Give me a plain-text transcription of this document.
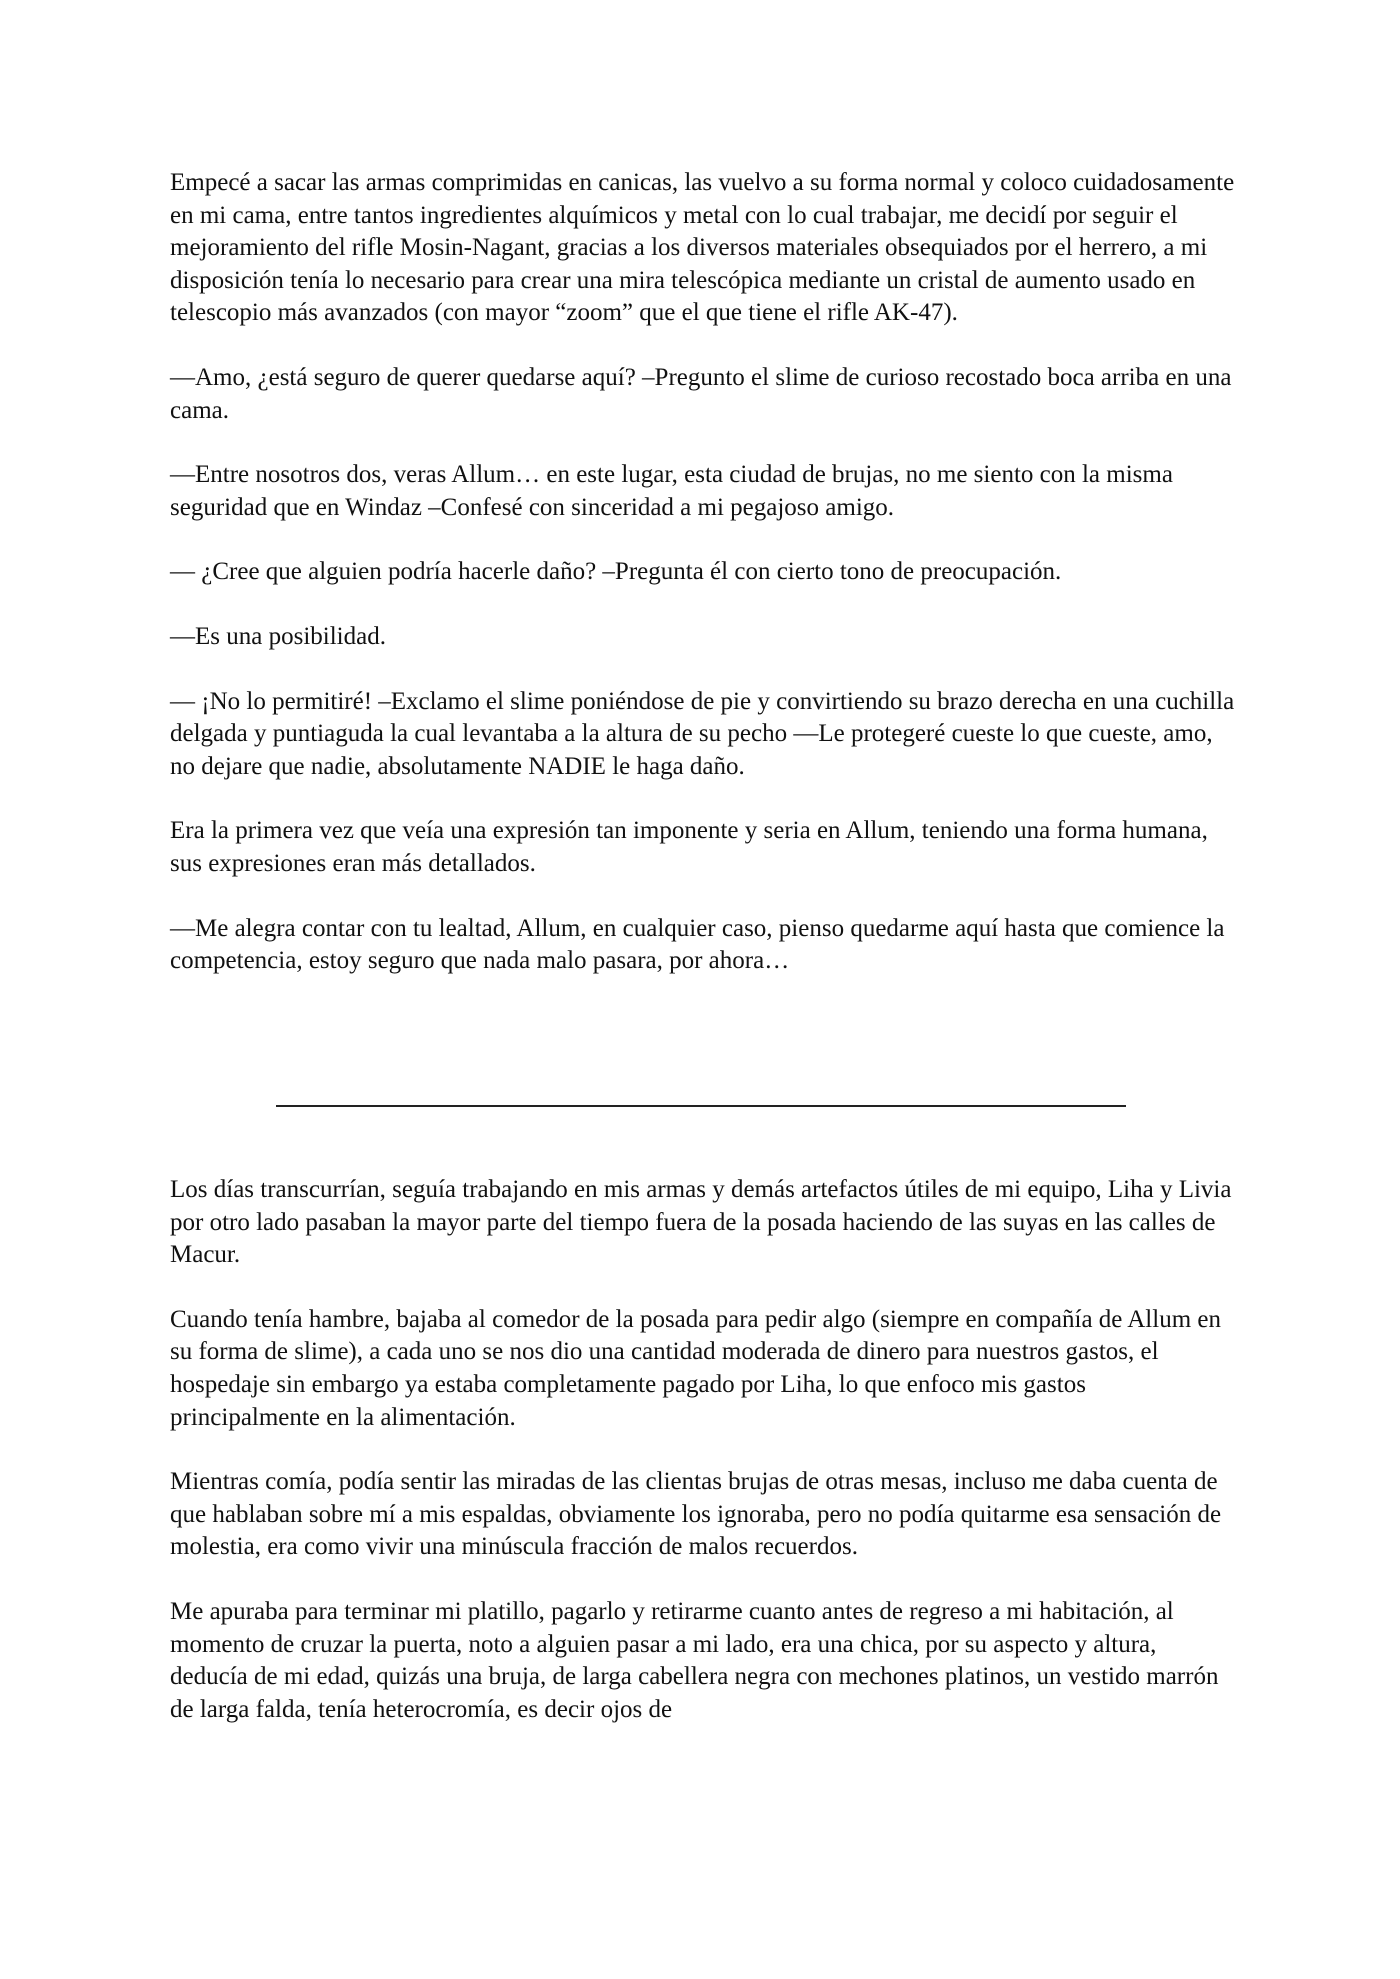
Empecé a sacar las armas comprimidas en canicas, las vuelvo a su forma normal y coloco cuidadosamente en mi cama, entre tantos ingredientes alquímicos y metal con lo cual trabajar, me decidí por seguir el mejoramiento del rifle Mosin-Nagant, gracias a los diversos materiales obsequiados por el herrero, a mi disposición tenía lo necesario para crear una mira telescópica mediante un cristal de aumento usado en telescopio más avanzados (con mayor “zoom” que el que tiene el rifle AK-47).

—Amo, ¿está seguro de querer quedarse aquí? –Pregunto el slime de curioso recostado boca arriba en una cama.

—Entre nosotros dos, veras Allum… en este lugar, esta ciudad de brujas, no me siento con la misma seguridad que en Windaz –Confesé con sinceridad a mi pegajoso amigo.

— ¿Cree que alguien podría hacerle daño? –Pregunta él con cierto tono de preocupación.

—Es una posibilidad.

— ¡No lo permitiré! –Exclamo el slime poniéndose de pie y convirtiendo su brazo derecha en una cuchilla delgada y puntiaguda la cual levantaba a la altura de su pecho —Le protegeré cueste lo que cueste, amo, no dejare que nadie, absolutamente NADIE le haga daño.

Era la primera vez que veía una expresión tan imponente y seria en Allum, teniendo una forma humana, sus expresiones eran más detallados.

—Me alegra contar con tu lealtad, Allum, en cualquier caso, pienso quedarme aquí hasta que comience la competencia, estoy seguro que nada malo pasara, por ahora…

Los días transcurrían, seguía trabajando en mis armas y demás artefactos útiles de mi equipo, Liha y Livia por otro lado pasaban la mayor parte del tiempo fuera de la posada haciendo de las suyas en las calles de Macur.

Cuando tenía hambre, bajaba al comedor de la posada para pedir algo (siempre en compañía de Allum en su forma de slime), a cada uno se nos dio una cantidad moderada de dinero para nuestros gastos, el hospedaje sin embargo ya estaba completamente pagado por Liha, lo que enfoco mis gastos principalmente en la alimentación.

Mientras comía, podía sentir las miradas de las clientas brujas de otras mesas, incluso me daba cuenta de que hablaban sobre mí a mis espaldas, obviamente los ignoraba, pero no podía quitarme esa sensación de molestia, era como vivir una minúscula fracción de malos recuerdos.

Me apuraba para terminar mi platillo, pagarlo y retirarme cuanto antes de regreso a mi habitación, al momento de cruzar la puerta, noto a alguien pasar a mi lado, era una chica, por su aspecto y altura, deducía de mi edad, quizás una bruja, de larga cabellera negra con mechones platinos, un vestido marrón de larga falda, tenía heterocromía, es decir ojos de
